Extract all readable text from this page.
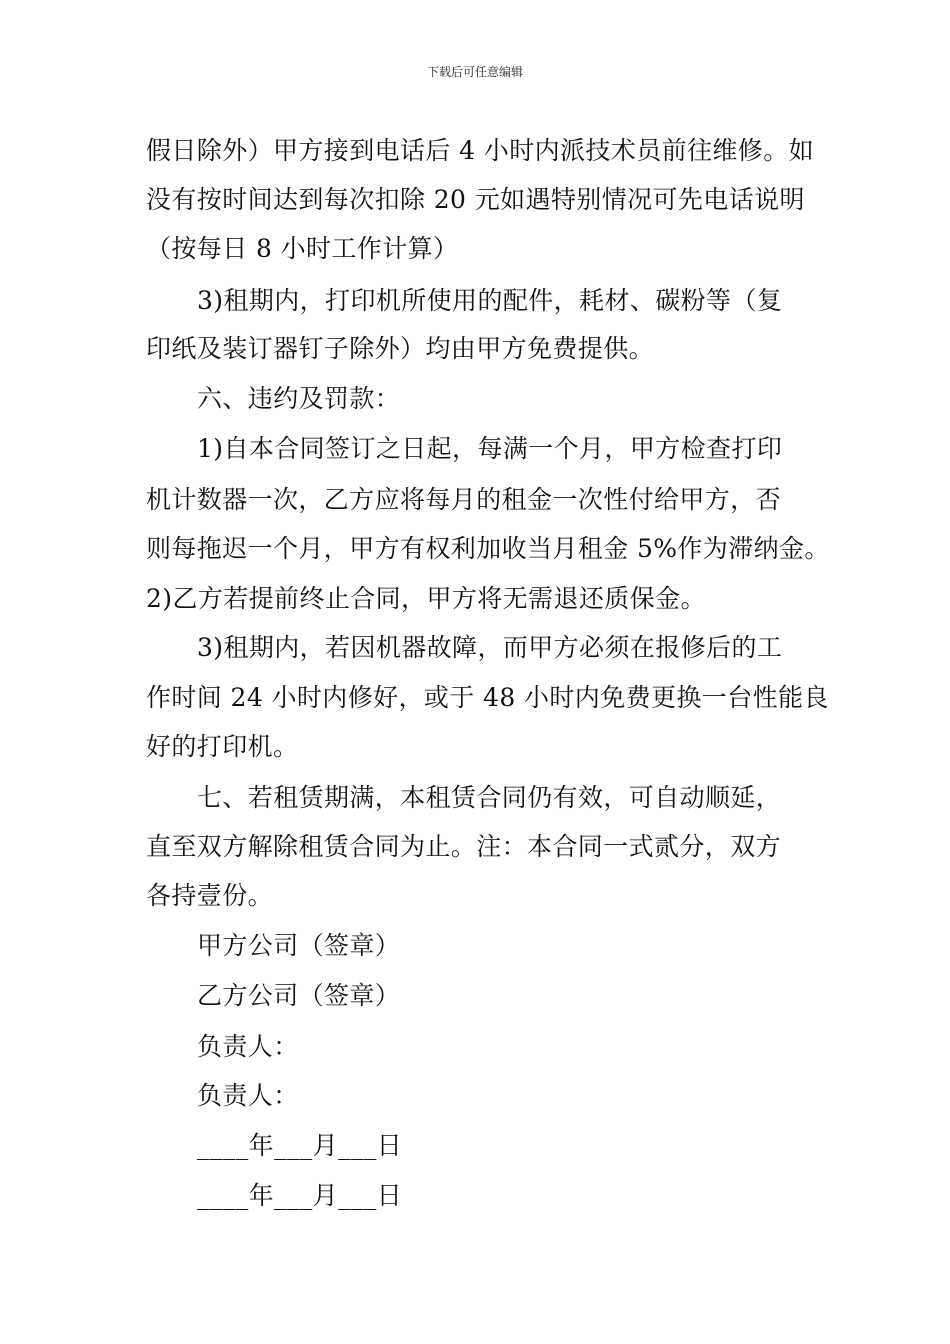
下载后可任意编辑
假日除外）甲方接到电话后 4 小时内派技术员前往维修。如
没有按时间达到每次扣除 20 元如遇特别情况可先电话说明
（按每日 8 小时工作计算）
3)租期内，打印机所使用的配件，耗材、碳粉等（复
印纸及装订器钉子除外）均由甲方免费提供。
六、违约及罚款：
1)自本合同签订之日起，每满一个月，甲方检查打印
机计数器一次，乙方应将每月的租金一次性付给甲方，否
则每拖迟一个月，甲方有权利加收当月租金 5%作为滞纳金。
2)乙方若提前终止合同，甲方将无需退还质保金。
3)租期内，若因机器故障，而甲方必须在报修后的工
作时间 24 小时内修好，或于 48 小时内免费更换一台性能良
好的打印机。
七、若租赁期满，本租赁合同仍有效，可自动顺延，
直至双方解除租赁合同为止。注：本合同一式贰分，双方
各持壹份。
甲方公司（签章）
乙方公司（签章）
负责人：
负责人：
____年___月___日
____年___月___日
